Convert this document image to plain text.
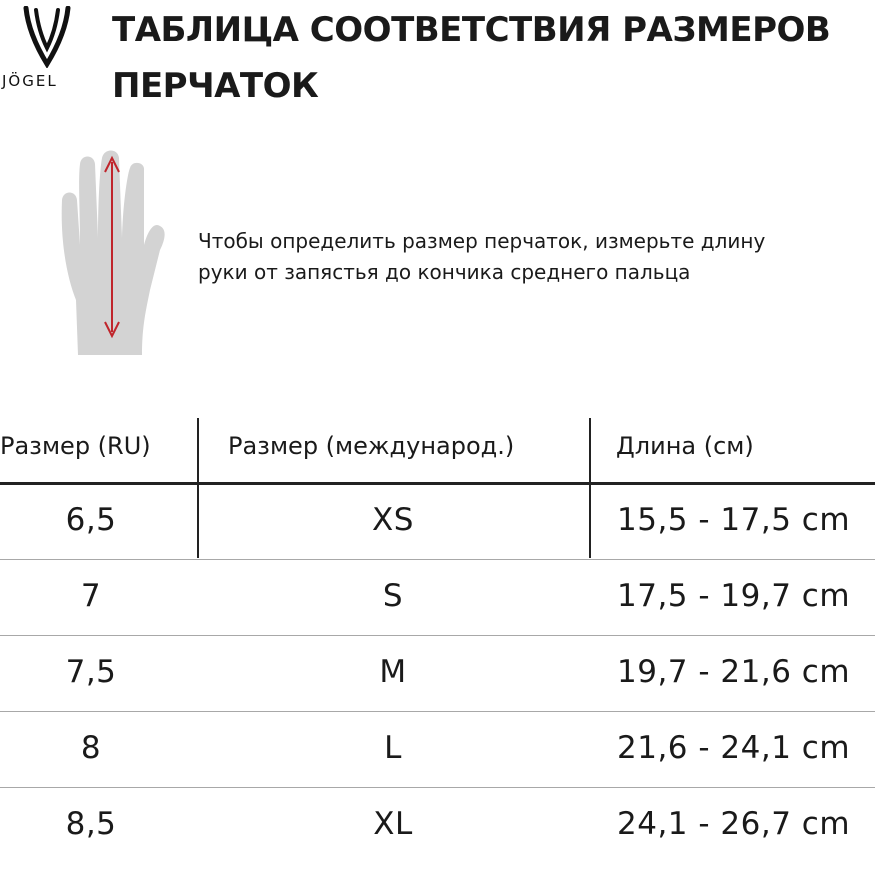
JÖGEL
ТАБЛИЦА СООТВЕТСТВИЯ РАЗМЕРОВ
ПЕРЧАТОК
Чтобы определить размер перчаток, измерьте длину
руки от запястья до кончика среднего пальца
Размер (RU)	Размер (междунарoд.)	Длина (см)
6,5	XS	15,5 - 17,5 cm
7	S	17,5 - 19,7 cm
7,5	M	19,7 - 21,6 cm
8	L	21,6 - 24,1 cm
8,5	XL	24,1 - 26,7 cm
